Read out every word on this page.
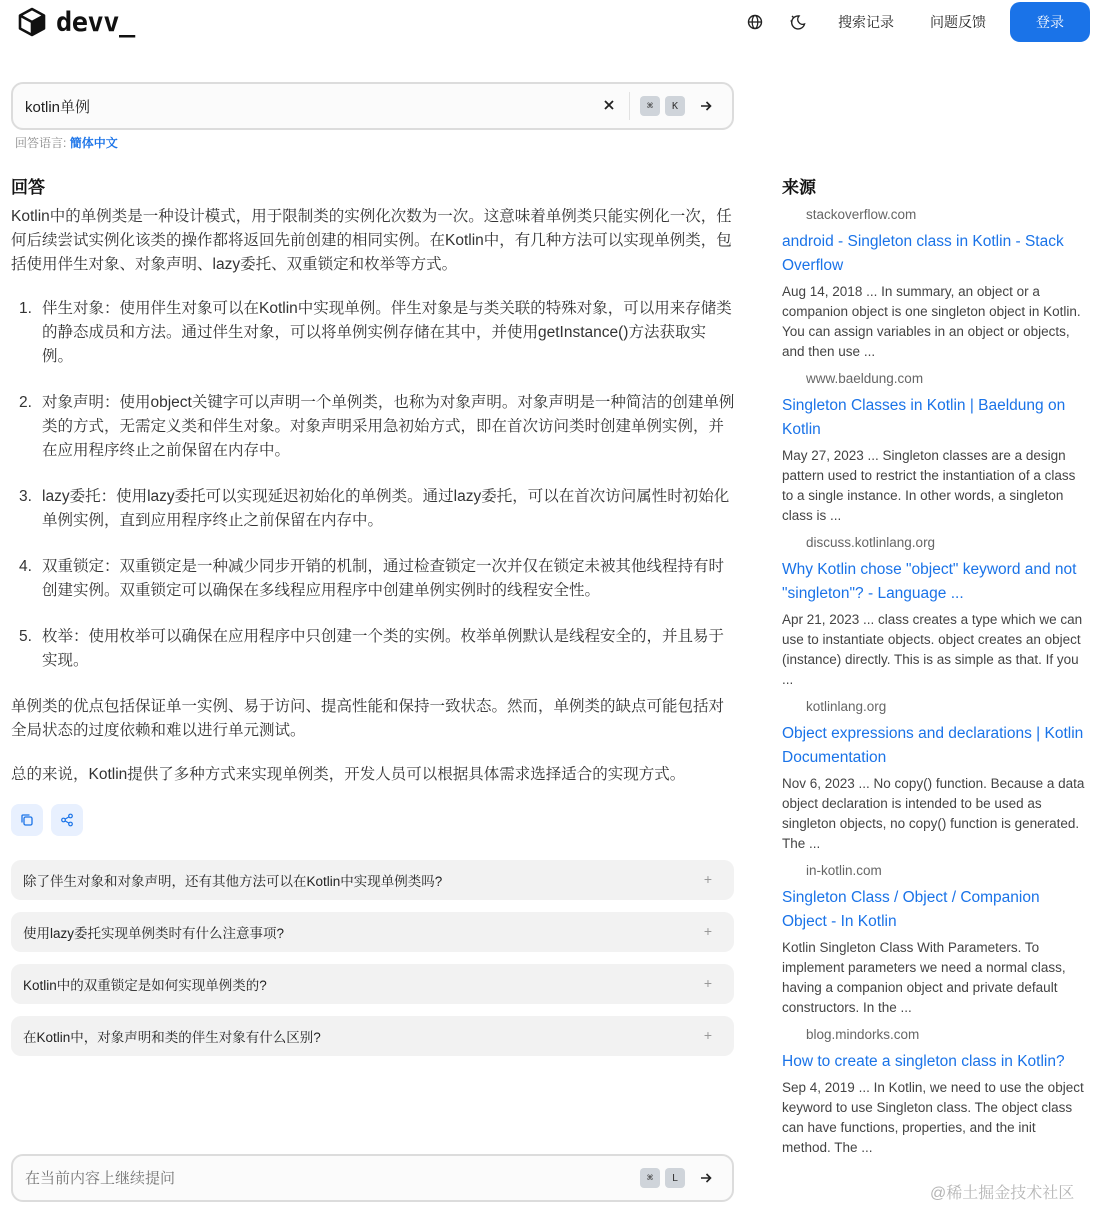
devv_	搜索记录	问题反馈	登录
kotlin单例
⌘	K
回答语言: 簡体中文
回答

Kotlin中的单例类是一种设计模式，用于限制类的实例化次数为一次。这意味着单例类只能实例化一次，任何后续尝试实例化该类的操作都将返回先前创建的相同实例。在Kotlin中，有几种方法可以实现单例类，包括使用伴生对象、对象声明、lazy委托、双重锁定和枚举等方式。

1. 伴生对象：使用伴生对象可以在Kotlin中实现单例。伴生对象是与类关联的特殊对象，可以用来存储类的静态成员和方法。通过伴生对象，可以将单例实例存储在其中，并使用getInstance()方法获取实例。
2. 对象声明：使用object关键字可以声明一个单例类，也称为对象声明。对象声明是一种简洁的创建单例类的方式，无需定义类和伴生对象。对象声明采用急初始方式，即在首次访问类时创建单例实例，并在应用程序终止之前保留在内存中。
3. lazy委托：使用lazy委托可以实现延迟初始化的单例类。通过lazy委托，可以在首次访问属性时初始化单例实例，直到应用程序终止之前保留在内存中。
4. 双重锁定：双重锁定是一种减少同步开销的机制，通过检查锁定一次并仅在锁定未被其他线程持有时创建实例。双重锁定可以确保在多线程应用程序中创建单例实例时的线程安全性。
5. 枚举：使用枚举可以确保在应用程序中只创建一个类的实例。枚举单例默认是线程安全的，并且易于实现。

单例类的优点包括保证单一实例、易于访问、提高性能和保持一致状态。然而，单例类的缺点可能包括对全局状态的过度依赖和难以进行单元测试。

总的来说，Kotlin提供了多种方式来实现单例类，开发人员可以根据具体需求选择适合的实现方式。

除了伴生对象和对象声明，还有其他方法可以在Kotlin中实现单例类吗?	+
使用lazy委托实现单例类时有什么注意事项?	+
Kotlin中的双重锁定是如何实现单例类的?	+
在Kotlin中，对象声明和类的伴生对象有什么区别?	+
在当前内容上继续提问
⌘	L
来源
stackoverflow.com
android - Singleton class in Kotlin - Stack Overflow
Aug 14, 2018 ... In summary, an object or a companion object is one singleton object in Kotlin. You can assign variables in an object or objects, and then use ...
www.baeldung.com
Singleton Classes in Kotlin | Baeldung on Kotlin
May 27, 2023 ... Singleton classes are a design pattern used to restrict the instantiation of a class to a single instance. In other words, a singleton class is ...
discuss.kotlinlang.org
Why Kotlin chose "object" keyword and not "singleton"? - Language ...
Apr 21, 2023 ... class creates a type which we can use to instantiate objects. object creates an object (instance) directly. This is as simple as that. If you ...
kotlinlang.org
Object expressions and declarations | Kotlin Documentation
Nov 6, 2023 ... No copy() function. Because a data object declaration is intended to be used as singleton objects, no copy() function is generated. The ...
in-kotlin.com
Singleton Class / Object / Companion Object - In Kotlin
Kotlin Singleton Class With Parameters. To implement parameters we need a normal class, having a companion object and private default constructors. In the ...
blog.mindorks.com
How to create a singleton class in Kotlin?
Sep 4, 2019 ... In Kotlin, we need to use the object keyword to use Singleton class. The object class can have functions, properties, and the init method. The ...
@稀土掘金技术社区
